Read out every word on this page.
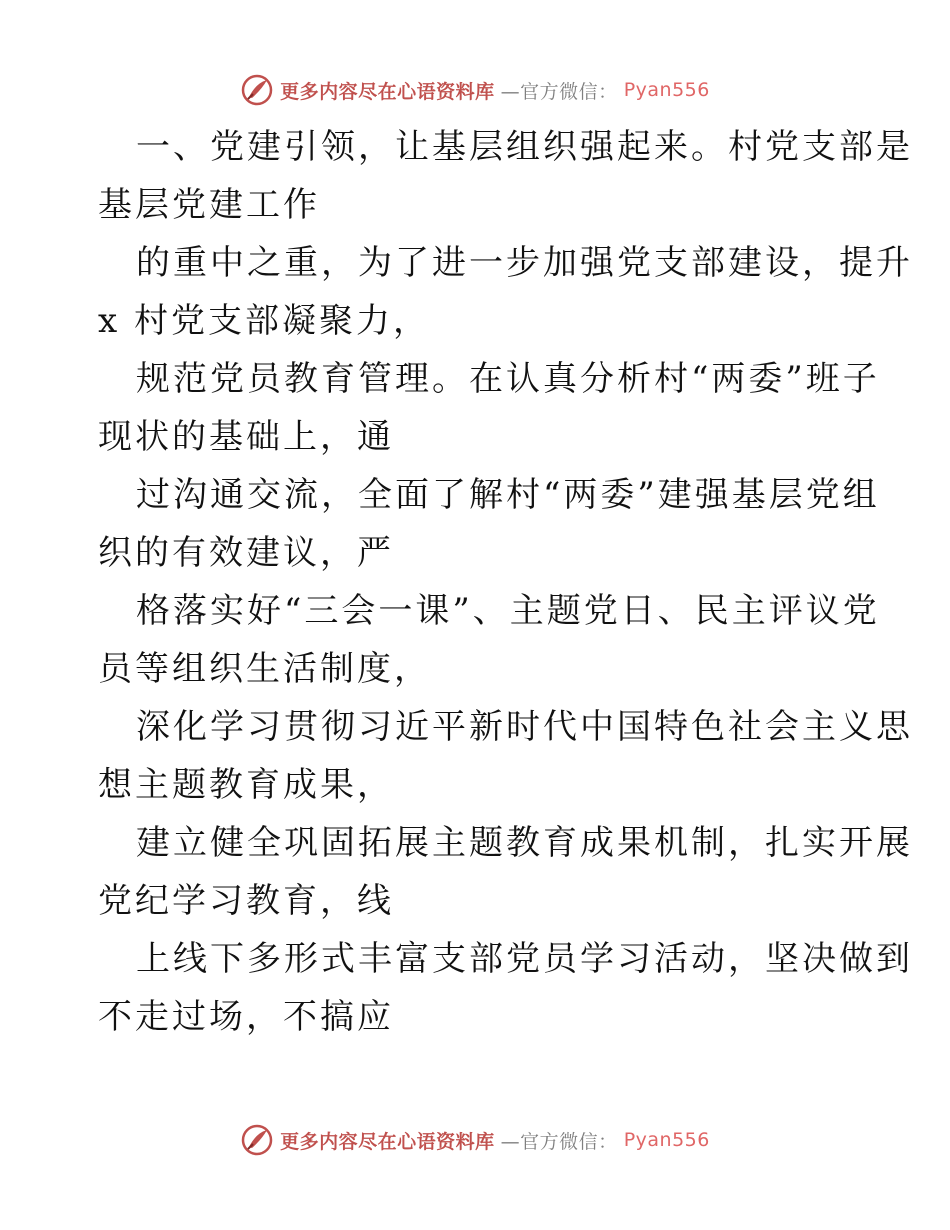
更多内容尽在心语资料库 —官方微信： Pyan556
一、党建引领，让基层组织强起来。村党支部是
基层党建工作
的重中之重，为了进一步加强党支部建设，提升
x 村党支部凝聚力，
规范党员教育管理。在认真分析村“两委”班子
现状的基础上，通
过沟通交流，全面了解村“两委”建强基层党组
织的有效建议，严
格落实好“三会一课”、主题党日、民主评议党
员等组织生活制度，
深化学习贯彻习近平新时代中国特色社会主义思
想主题教育成果，
建立健全巩固拓展主题教育成果机制，扎实开展
党纪学习教育，线
上线下多形式丰富支部党员学习活动，坚决做到
不走过场，不搞应
更多内容尽在心语资料库 —官方微信： Pyan556
